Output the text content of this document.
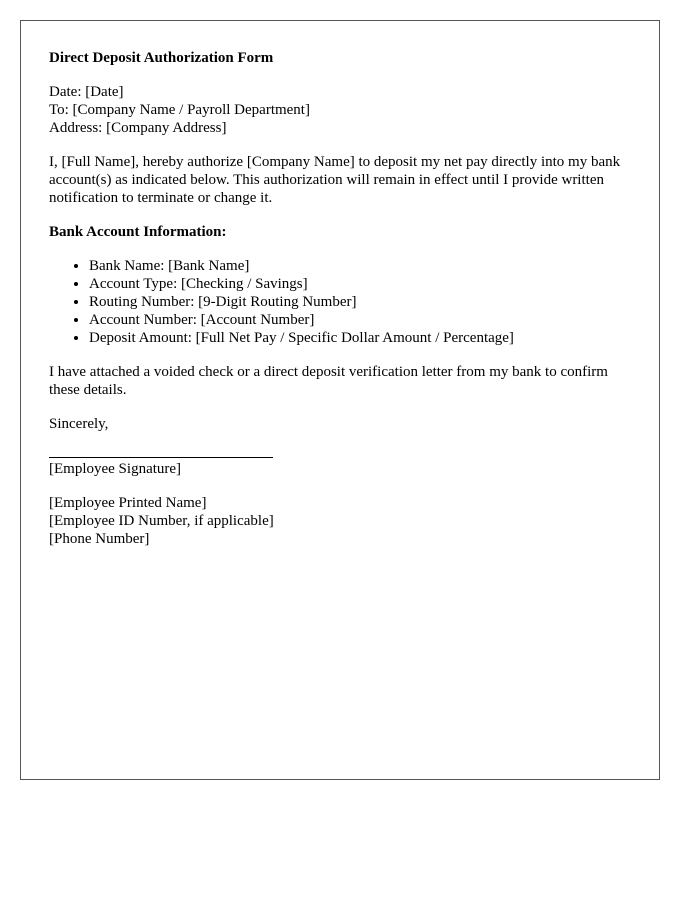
Direct Deposit Authorization Form
Date: [Date]
To: [Company Name / Payroll Department]
Address: [Company Address]

I, [Full Name], hereby authorize [Company Name] to deposit my net pay directly into my bank account(s) as indicated below. This authorization will remain in effect until I provide written notification to terminate or change it.

Bank Account Information:
• Bank Name: [Bank Name]
• Account Type: [Checking / Savings]
• Routing Number: [9-Digit Routing Number]
• Account Number: [Account Number]
• Deposit Amount: [Full Net Pay / Specific Dollar Amount / Percentage]

I have attached a voided check or a direct deposit verification letter from my bank to confirm these details.

Sincerely,
[Employee Signature]
[Employee Printed Name]
[Employee ID Number, if applicable]
[Phone Number]
